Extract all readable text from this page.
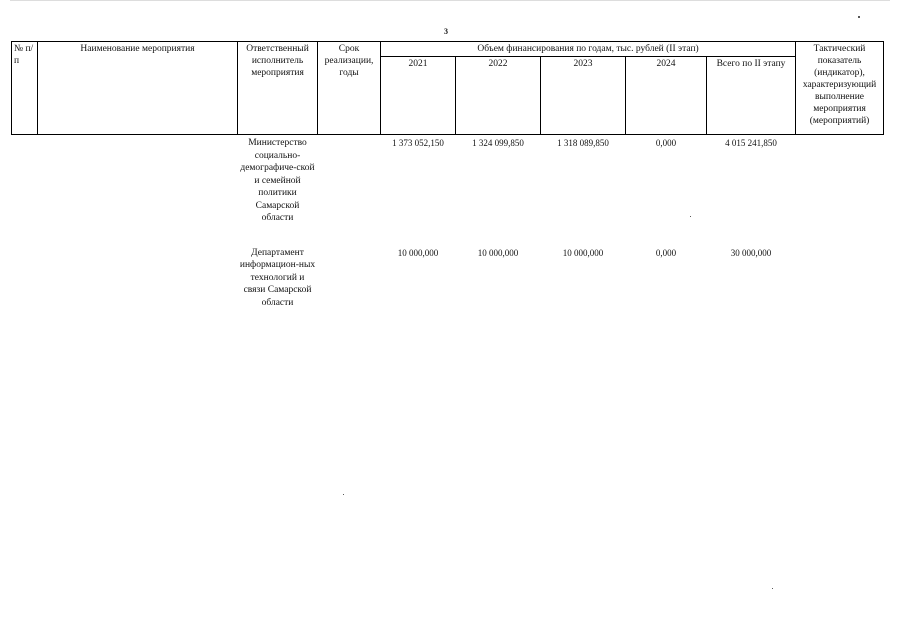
3
№ п/п	Наименование мероприятия	Ответственный исполнитель мероприятия	Срок реализации, годы	Объем финансирования по годам, тыс. рублей (II этап)					Тактический показатель (индикатор), характеризующий выполнение мероприятия (мероприятий)
				2021	2022	2023	2024	Всего по II этапу	
		Министерство социально-демографиче-ской и семейной политики Самарской области		1 373 052,150	1 324 099,850	1 318 089,850	0,000	4 015 241,850	

		Департамент информацион-ных технологий и связи Самарской области		10 000,000	10 000,000	10 000,000	0,000	30 000,000	
